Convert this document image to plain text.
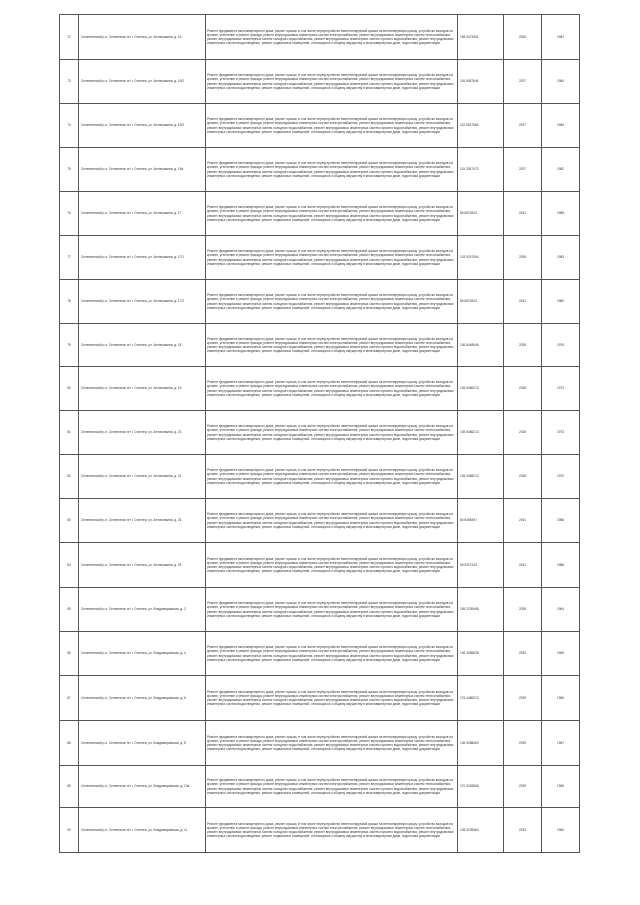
72	Селенгинский р-н, Селенгинск п/т г. Селенга, ул. Антоновкина, д. 15	Ремонт фундамента многоквартирного дома, ремонт крыши, в том числе переустройство невентилируемой крыши на вентилируемую крышу, устройство выходов на кровлю, утепление и ремонт фасада, ремонт внутридомовых инженерных систем электроснабжения, ремонт внутридомовых инженерных систем теплоснабжения, ремонт внутридомовых инженерных систем холодного водоснабжения, ремонт внутридомовых инженерных систем горячего водоснабжения, ремонт внутридомовых инженерных систем водоотведения, ремонт подвальных помещений, относящихся к общему имуществу в многоквартирном доме, подготовка документации	155 5473451	2026	1981
73	Селенгинский р-н, Селенгинск п/т г. Селенга, ул. Антоновкина, д. 15/2	Ремонт фундамента многоквартирного дома, ремонт крыши, в том числе переустройство невентилируемой крыши на вентилируемую крышу, устройство выходов на кровлю, утепление и ремонт фасада, ремонт внутридомовых инженерных систем электроснабжения, ремонт внутридомовых инженерных систем теплоснабжения, ремонт внутридомовых инженерных систем холодного водоснабжения, ремонт внутридомовых инженерных систем горячего водоснабжения, ремонт внутридомовых инженерных систем водоотведения, ремонт подвальных помещений, относящихся к общему имуществу в многоквартирном доме, подготовка документации	116 6057644	2027	1984
74	Селенгинский р-н, Селенгинск п/т г. Селенга, ул. Антоновкина, д. 15/3	Ремонт фундамента многоквартирного дома, ремонт крыши, в том числе переустройство невентилируемой крыши на вентилируемую крышу, устройство выходов на кровлю, утепление и ремонт фасада, ремонт внутридомовых инженерных систем электроснабжения, ремонт внутридомовых инженерных систем теплоснабжения, ремонт внутридомовых инженерных систем холодного водоснабжения, ремонт внутридомовых инженерных систем горячего водоснабжения, ремонт внутридомовых инженерных систем водоотведения, ремонт подвальных помещений, относящихся к общему имуществу в многоквартирном доме, подготовка документации	115 5027565	2027	1984
75	Селенгинский р-н, Селенгинск п/т г. Селенга, ул. Антоновкина, д. 15а	Ремонт фундамента многоквартирного дома, ремонт крыши, в том числе переустройство невентилируемой крыши на вентилируемую крышу, устройство выходов на кровлю, утепление и ремонт фасада, ремонт внутридомовых инженерных систем электроснабжения, ремонт внутридомовых инженерных систем теплоснабжения, ремонт внутридомовых инженерных систем холодного водоснабжения, ремонт внутридомовых инженерных систем горячего водоснабжения, ремонт внутридомовых инженерных систем водоотведения, ремонт подвальных помещений, относящихся к общему имуществу в многоквартирном доме, подготовка документации	115 3267473	2027	1982
76	Селенгинский р-н, Селенгинск п/т г. Селенга, ул. Антоновкина, д. 17	Ремонт фундамента многоквартирного дома, ремонт крыши, в том числе переустройство невентилируемой крыши на вентилируемую крышу, устройство выходов на кровлю, утепление и ремонт фасада, ремонт внутридомовых инженерных систем электроснабжения, ремонт внутридомовых инженерных систем теплоснабжения, ремонт внутридомовых инженерных систем холодного водоснабжения, ремонт внутридомовых инженерных систем горячего водоснабжения, ремонт внутридомовых инженерных систем водоотведения, ремонт подвальных помещений, относящихся к общему имуществу в многоквартирном доме, подготовка документации	86 6875204	2041	1985
77	Селенгинский р-н, Селенгинск п/т г. Селенга, ул. Антоновкина, д. 17/1	Ремонт фундамента многоквартирного дома, ремонт крыши, в том числе переустройство невентилируемой крыши на вентилируемую крышу, устройство выходов на кровлю, утепление и ремонт фасада, ремонт внутридомовых инженерных систем электроснабжения, ремонт внутридомовых инженерных систем теплоснабжения, ремонт внутридомовых инженерных систем холодного водоснабжения, ремонт внутридомовых инженерных систем горячего водоснабжения, ремонт внутридомовых инженерных систем водоотведения, ремонт подвальных помещений, относящихся к общему имуществу в многоквартирном доме, подготовка документации	103 9207654	2035	1983
78	Селенгинский р-н, Селенгинск п/т г. Селенга, ул. Антоновкина, д. 17/2	Ремонт фундамента многоквартирного дома, ремонт крыши, в том числе переустройство невентилируемой крыши на вентилируемую крышу, устройство выходов на кровлю, утепление и ремонт фасада, ремонт внутридомовых инженерных систем электроснабжения, ремонт внутридомовых инженерных систем теплоснабжения, ремонт внутридомовых инженерных систем холодного водоснабжения, ремонт внутридомовых инженерных систем горячего водоснабжения, ремонт внутридомовых инженерных систем водоотведения, ремонт подвальных помещений, относящихся к общему имуществу в многоквартирном доме, подготовка документации	86 6875204	2041	1980
79	Селенгинский р-н, Селенгинск п/т г. Селенга, ул. Антоновкина, д. 18	Ремонт фундамента многоквартирного дома, ремонт крыши, в том числе переустройство невентилируемой крыши на вентилируемую крышу, устройство выходов на кровлю, утепление и ремонт фасада, ремонт внутридомовых инженерных систем электроснабжения, ремонт внутридомовых инженерных систем теплоснабжения, ремонт внутридомовых инженерных систем холодного водоснабжения, ремонт внутридомовых инженерных систем горячего водоснабжения, ремонт внутридомовых инженерных систем водоотведения, ремонт подвальных помещений, относящихся к общему имуществу в многоквартирном доме, подготовка документации	136 6448546	2028	1976
80	Селенгинский р-н, Селенгинск п/т г. Селенга, ул. Антоновкина, д. 19	Ремонт фундамента многоквартирного дома, ремонт крыши, в том числе переустройство невентилируемой крыши на вентилируемую крышу, устройство выходов на кровлю, утепление и ремонт фасада, ремонт внутридомовых инженерных систем электроснабжения, ремонт внутридомовых инженерных систем теплоснабжения, ремонт внутридомовых инженерных систем холодного водоснабжения, ремонт внутридомовых инженерных систем горячего водоснабжения, ремонт внутридомовых инженерных систем водоотведения, ремонт подвальных помещений, относящихся к общему имуществу в многоквартирном доме, подготовка документации	135 5486213	2028	1973
81	Селенгинский р-н, Селенгинск п/т г. Селенга, ул. Антоновкина, д. 20	Ремонт фундамента многоквартирного дома, ремонт крыши, в том числе переустройство невентилируемой крыши на вентилируемую крышу, устройство выходов на кровлю, утепление и ремонт фасада, ремонт внутридомовых инженерных систем электроснабжения, ремонт внутридомовых инженерных систем теплоснабжения, ремонт внутридомовых инженерных систем холодного водоснабжения, ремонт внутридомовых инженерных систем горячего водоснабжения, ремонт внутридомовых инженерных систем водоотведения, ремонт подвальных помещений, относящихся к общему имуществу в многоквартирном доме, подготовка документации	135 5486213	2028	1973
82	Селенгинский р-н, Селенгинск п/т г. Селенга, ул. Антоновкина, д. 21	Ремонт фундамента многоквартирного дома, ремонт крыши, в том числе переустройство невентилируемой крыши на вентилируемую крышу, устройство выходов на кровлю, утепление и ремонт фасада, ремонт внутридомовых инженерных систем электроснабжения, ремонт внутридомовых инженерных систем теплоснабжения, ремонт внутридомовых инженерных систем холодного водоснабжения, ремонт внутридомовых инженерных систем горячего водоснабжения, ремонт внутридомовых инженерных систем водоотведения, ремонт подвальных помещений, относящихся к общему имуществу в многоквартирном доме, подготовка документации	135 3488213	2028	1970
83	Селенгинский р-н, Селенгинск п/т г. Селенга, ул. Антоновкина, д. 24	Ремонт фундамента многоквартирного дома, ремонт крыши, в том числе переустройство невентилируемой крыши на вентилируемую крышу, устройство выходов на кровлю, утепление и ремонт фасада, ремонт внутридомовых инженерных систем электроснабжения, ремонт внутридомовых инженерных систем теплоснабжения, ремонт внутридомовых инженерных систем холодного водоснабжения, ремонт внутридомовых инженерных систем горячего водоснабжения, ремонт внутридомовых инженерных систем водоотведения, ремонт подвальных помещений, относящихся к общему имуществу в многоквартирном доме, подготовка документации	84 6498497	2041	1986
84	Селенгинский р-н, Селенгинск п/т г. Селенга, ул. Антоновкина, д. 25	Ремонт фундамента многоквартирного дома, ремонт крыши, в том числе переустройство невентилируемой крыши на вентилируемую крышу, устройство выходов на кровлю, утепление и ремонт фасада, ремонт внутридомовых инженерных систем электроснабжения, ремонт внутридомовых инженерных систем теплоснабжения, ремонт внутридомовых инженерных систем холодного водоснабжения, ремонт внутридомовых инженерных систем горячего водоснабжения, ремонт внутридомовых инженерных систем водоотведения, ремонт подвальных помещений, относящихся к общему имуществу в многоквартирном доме, подготовка документации	96 5207243	2041	1986
85	Селенгинский р-н, Селенгинск п/т г. Селенга, ул. Владимировская, д. 2	Ремонт фундамента многоквартирного дома, ремонт крыши, в том числе переустройство невентилируемой крыши на вентилируемую крышу, устройство выходов на кровлю, утепление и ремонт фасада, ремонт внутридомовых инженерных систем электроснабжения, ремонт внутридомовых инженерных систем теплоснабжения, ремонт внутридомовых инженерных систем холодного водоснабжения, ремонт внутридомовых инженерных систем горячего водоснабжения, ремонт внутридомовых инженерных систем водоотведения, ремонт подвальных помещений, относящихся к общему имуществу в многоквартирном доме, подготовка документации	155 2239468	2028	1964
86	Селенгинский р-н, Селенгинск п/т г. Селенга, ул. Владимировская, д. 4	Ремонт фундамента многоквартирного дома, ремонт крыши, в том числе переустройство невентилируемой крыши на вентилируемую крышу, устройство выходов на кровлю, утепление и ремонт фасада, ремонт внутридомовых инженерных систем электроснабжения, ремонт внутридомовых инженерных систем теплоснабжения, ремонт внутридомовых инженерных систем холодного водоснабжения, ремонт внутридомовых инженерных систем горячего водоснабжения, ремонт внутридомовых инженерных систем водоотведения, ремонт подвальных помещений, относящихся к общему имуществу в многоквартирном доме, подготовка документации	136 3085638	2033	1965
87	Селенгинский р-н, Селенгинск п/т г. Селенга, ул. Владимировская, д. 6	Ремонт фундамента многоквартирного дома, ремонт крыши, в том числе переустройство невентилируемой крыши на вентилируемую крышу, устройство выходов на кровлю, утепление и ремонт фасада, ремонт внутридомовых инженерных систем электроснабжения, ремонт внутридомовых инженерных систем теплоснабжения, ремонт внутридомовых инженерных систем холодного водоснабжения, ремонт внутридомовых инженерных систем горячего водоснабжения, ремонт внутридомовых инженерных систем водоотведения, ремонт подвальных помещений, относящихся к общему имуществу в многоквартирном доме, подготовка документации	176 4486213	2029	1966
88	Селенгинский р-н, Селенгинск п/т г. Селенга, ул. Владимировская, д. 8	Ремонт фундамента многоквартирного дома, ремонт крыши, в том числе переустройство невентилируемой крыши на вентилируемую крышу, устройство выходов на кровлю, утепление и ремонт фасада, ремонт внутридомовых инженерных систем электроснабжения, ремонт внутридомовых инженерных систем теплоснабжения, ремонт внутридомовых инженерных систем холодного водоснабжения, ремонт внутридомовых инженерных систем горячего водоснабжения, ремонт внутридомовых инженерных систем водоотведения, ремонт подвальных помещений, относящихся к общему имуществу в многоквартирном доме, подготовка документации	136 5288463	2030	1967
89	Селенгинский р-н, Селенгинск п/т г. Селенга, ул. Владимировская, д. 10а	Ремонт фундамента многоквартирного дома, ремонт крыши, в том числе переустройство невентилируемой крыши на вентилируемую крышу, устройство выходов на кровлю, утепление и ремонт фасада, ремонт внутридомовых инженерных систем электроснабжения, ремонт внутридомовых инженерных систем теплоснабжения, ремонт внутридомовых инженерных систем холодного водоснабжения, ремонт внутридомовых инженерных систем горячего водоснабжения, ремонт внутридомовых инженерных систем водоотведения, ремонт подвальных помещений, относящихся к общему имуществу в многоквартирном доме, подготовка документации	170 5284566	2029	1965
90	Селенгинский р-н, Селенгинск п/т г. Селенга, ул. Владимировская, д. 11	Ремонт фундамента многоквартирного дома, ремонт крыши, в том числе переустройство невентилируемой крыши на вентилируемую крышу, устройство выходов на кровлю, утепление и ремонт фасада, ремонт внутридомовых инженерных систем электроснабжения, ремонт внутридомовых инженерных систем теплоснабжения, ремонт внутридомовых инженерных систем холодного водоснабжения, ремонт внутридомовых инженерных систем горячего водоснабжения, ремонт внутридомовых инженерных систем водоотведения, ремонт подвальных помещений, относящихся к общему имуществу в многоквартирном доме, подготовка документации	135 5195364	2033	1960
